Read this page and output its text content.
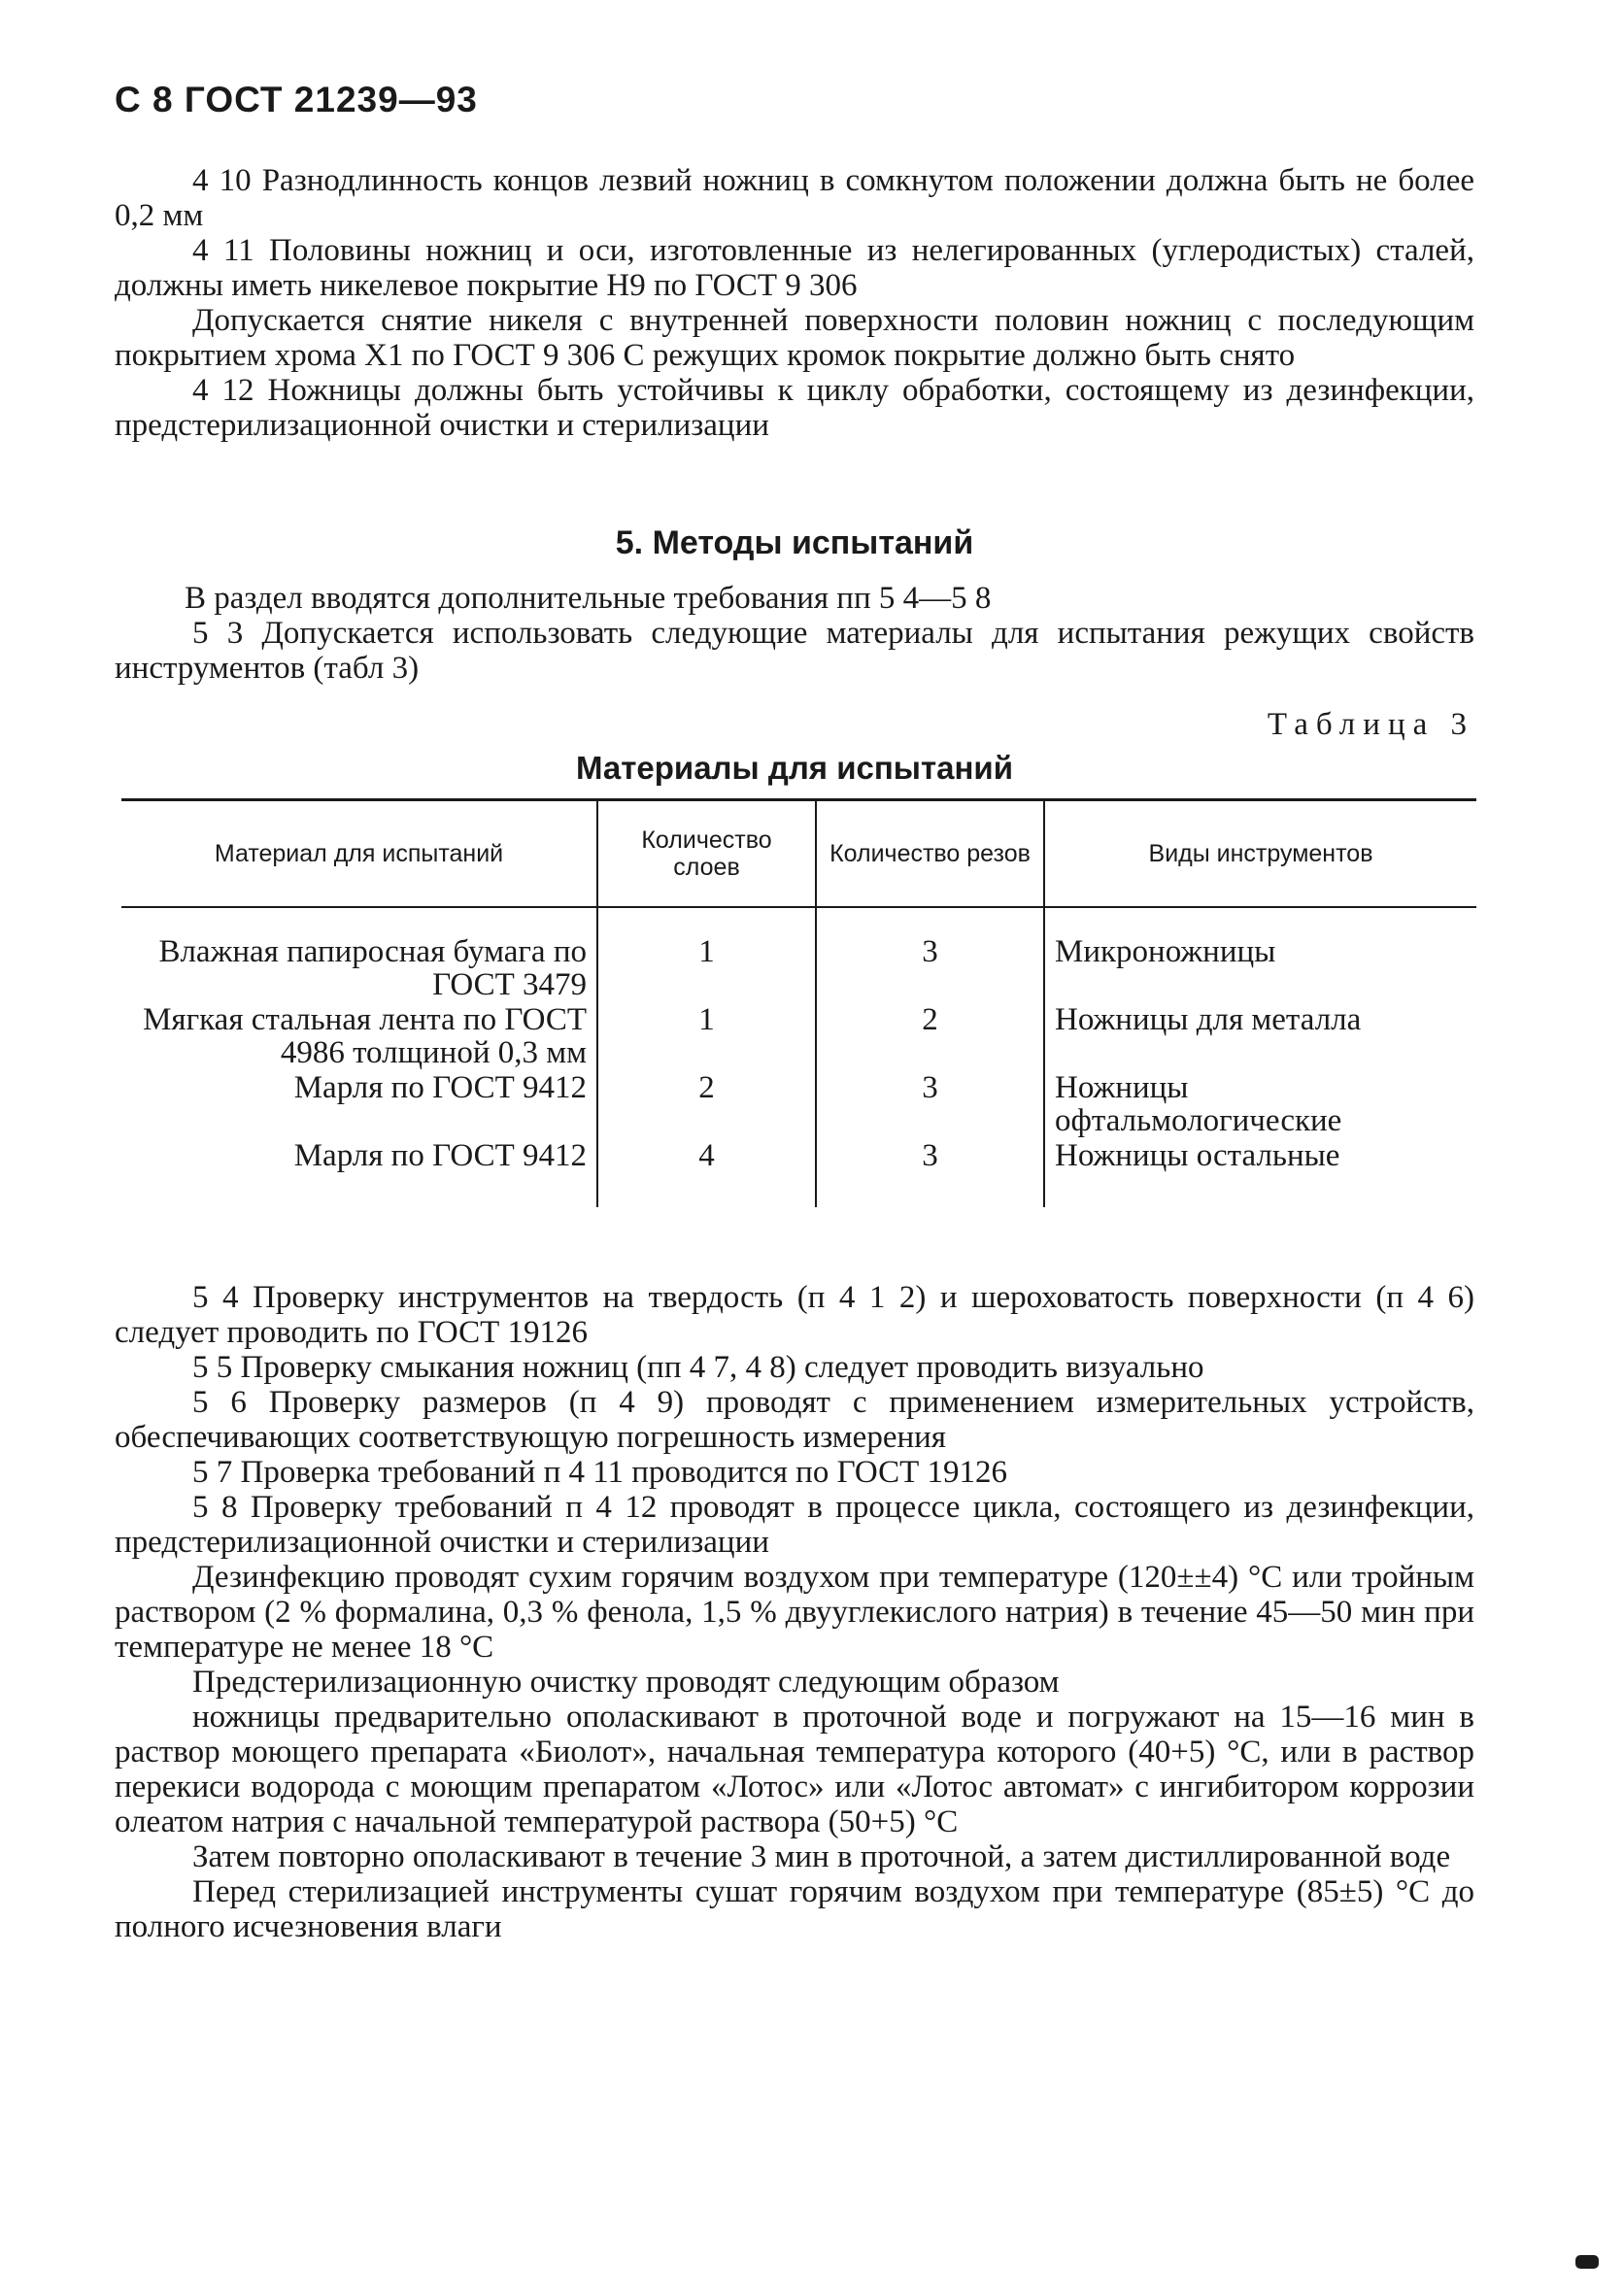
С 8 ГОСТ 21239—93

4 10 Разнодлинность концов лезвий ножниц в сомкнутом положении должна быть не более 0,2 мм

4 11 Половины ножниц и оси, изготовленные из нелегированных (углеродистых) сталей, должны иметь никелевое покрытие Н9 по ГОСТ 9 306

Допускается снятие никеля с внутренней поверхности половин ножниц с последующим покрытием хрома Х1 по ГОСТ 9 306 С режущих кромок покрытие должно быть снято

4 12 Ножницы должны быть устойчивы к циклу обработки, состоящему из дезинфекции, предстерилизационной очистки и стерилизации

5. Методы испытаний

В раздел вводятся дополнительные требования пп 5 4—5 8

5 3 Допускается использовать следующие материалы для испытания режущих свойств инструментов (табл 3)

Таблица 3
Материалы для испытаний
Материал для испытаний	Количество слоев	Количество резов	Виды инструментов
Влажная папиросная бумага по ГОСТ 3479	1	3	Микроножницы
Мягкая стальная лента по ГОСТ 4986 толщиной 0,3 мм	1	2	Ножницы для металла
Марля по ГОСТ 9412	2	3	Ножницы офтальмологические
Марля по ГОСТ 9412	4	3	Ножницы остальные

5 4 Проверку инструментов на твердость (п 4 1 2) и шероховатость поверхности (п 4 6) следует проводить по ГОСТ 19126

5 5 Проверку смыкания ножниц (пп 4 7, 4 8) следует проводить визуально

5 6 Проверку размеров (п 4 9) проводят с применением измерительных устройств, обеспечивающих соответствующую погрешность измерения

5 7 Проверка требований п 4 11 проводится по ГОСТ 19126

5 8 Проверку требований п 4 12 проводят в процессе цикла, состоящего из дезинфекции, предстерилизационной очистки и стерилизации

Дезинфекцию проводят сухим горячим воздухом при температуре (120±±4) °С или тройным раствором (2 % формалина, 0,3 % фенола, 1,5 % двууглекислого натрия) в течение 45—50 мин при температуре не менее 18 °С

Предстерилизационную очистку проводят следующим образом

ножницы предварительно ополаскивают в проточной воде и погружают на 15—16 мин в раствор моющего препарата «Биолот», начальная температура которого (40+5) °С, или в раствор перекиси водорода с моющим препаратом «Лотос» или «Лотос автомат» с ингибитором коррозии олеатом натрия с начальной температурой раствора (50+5) °С

Затем повторно ополаскивают в течение 3 мин в проточной, а затем дистиллированной воде

Перед стерилизацией инструменты сушат горячим воздухом при температуре (85±5) °С до полного исчезновения влаги
